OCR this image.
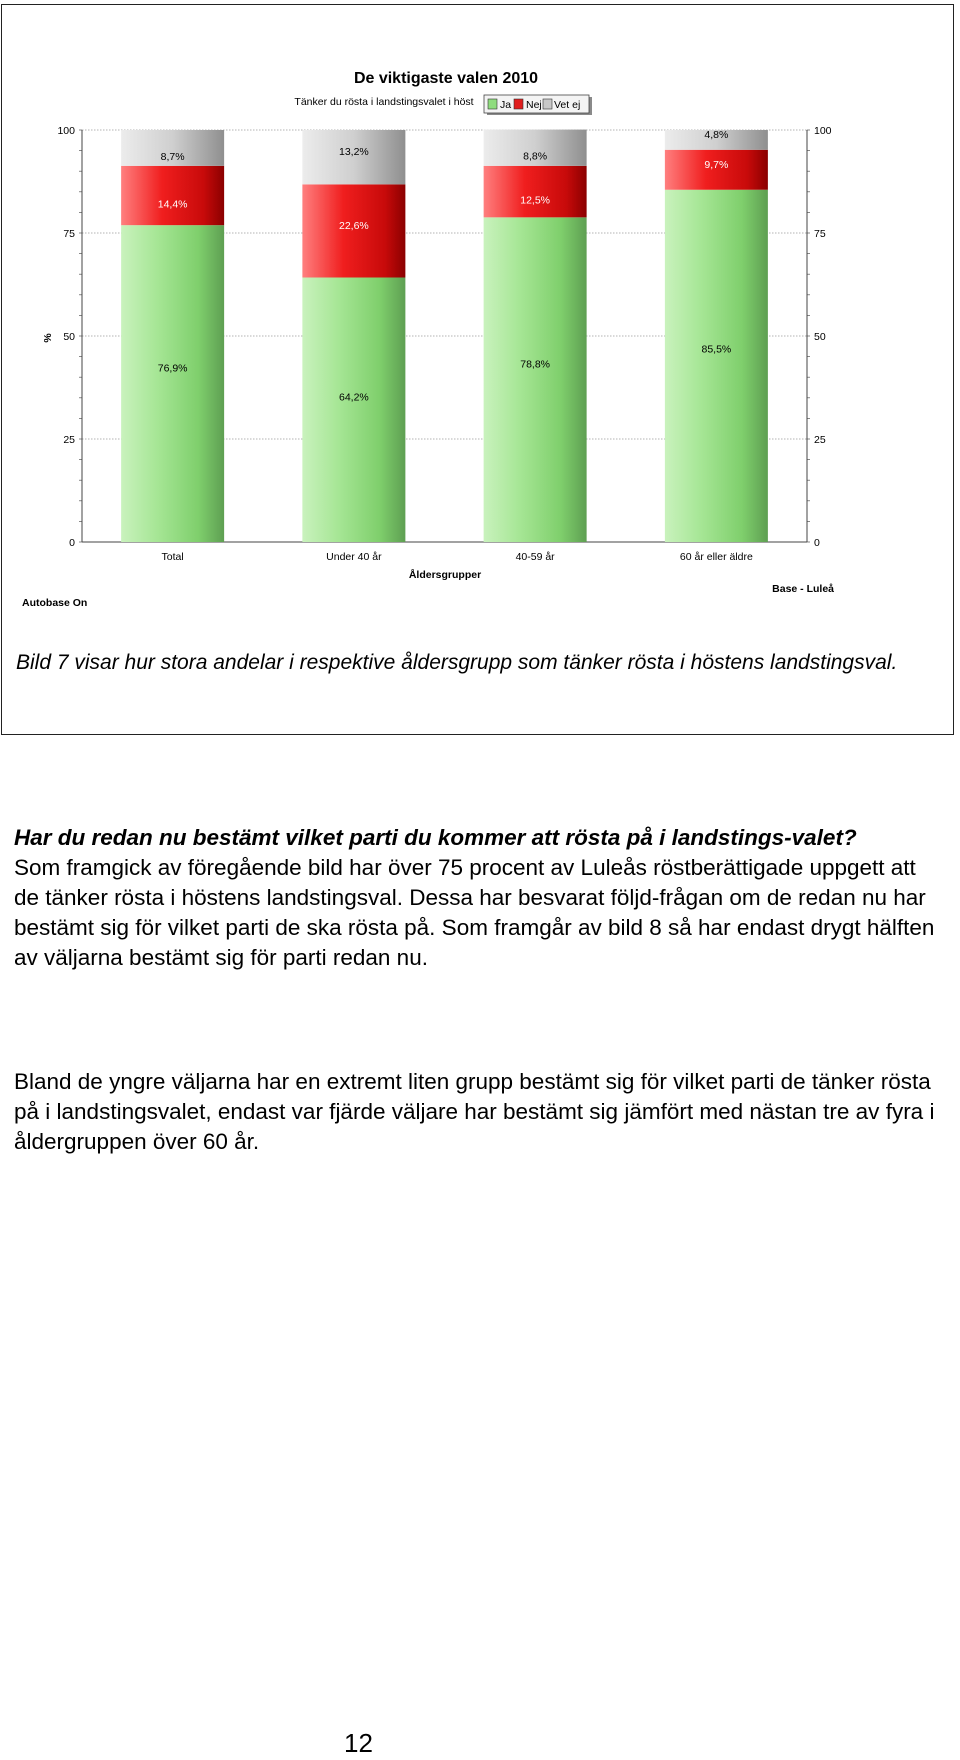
De viktigaste valen 2010
Tänker du rösta i landstingsvalet i höst	Ja Nej Vet ej
76,9%
14,4%
8,7%
64,2%
22,6%
13,2%
78,8%
12,5%
8,8%
85,5%
9,7%
4,8%
Total	Under 40 år	40-59 år	60 år eller äldre
0	0
25	25
50	50
75	75
100	100
%
Åldersgrupper
Autobase On
Base - Luleå
Bild 7 visar hur stora andelar i respektive åldersgrupp som tänker rösta i höstens landstingsval.
Har du redan nu bestämt vilket parti du kommer att rösta på i landstings-valet?
Som framgick av föregående bild har över 75 procent av Luleås röstberättigade uppgett att de tänker rösta i höstens landstingsval. Dessa har besvarat följd-frågan om de redan nu har bestämt sig för vilket parti de ska rösta på. Som framgår av bild 8 så har endast drygt hälften av väljarna bestämt sig för parti redan nu.
Bland de yngre väljarna har en extremt liten grupp bestämt sig för vilket parti de tänker rösta på i landstingsvalet, endast var fjärde väljare har bestämt sig jämfört med nästan tre av fyra i åldergruppen över 60 år.
12
